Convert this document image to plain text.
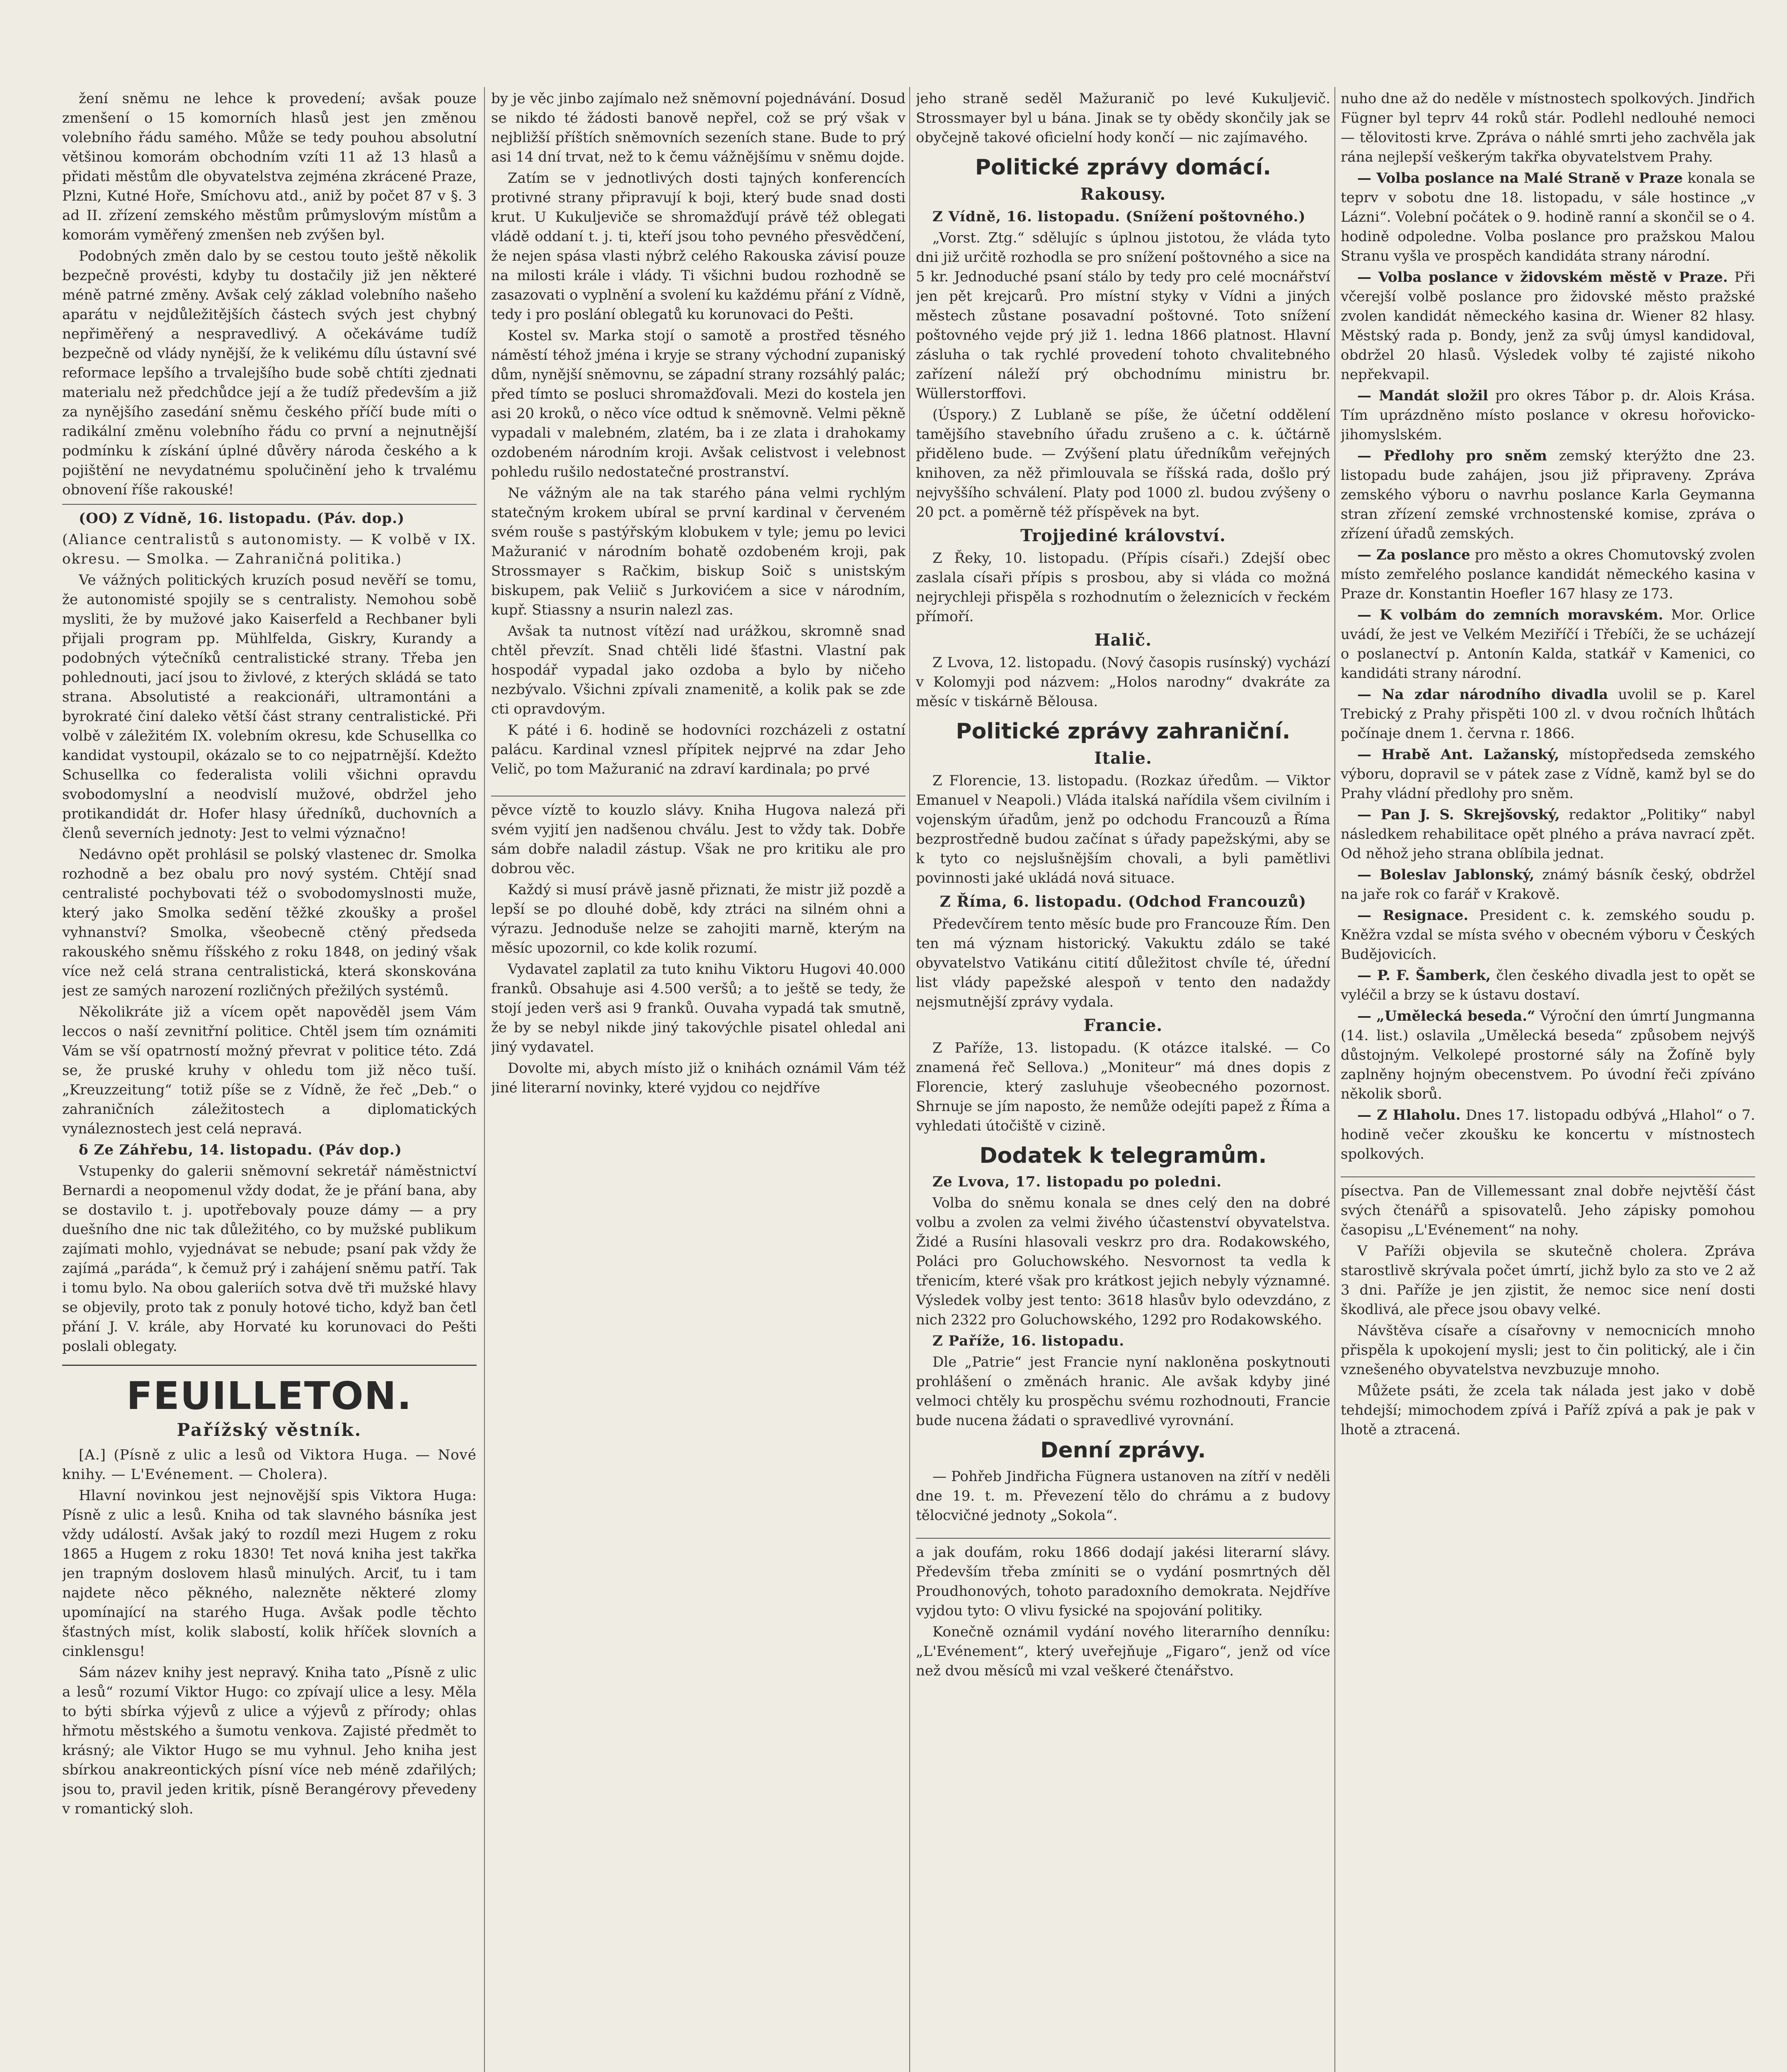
žení sněmu ne lehce k provedení; avšak pouze zmenšení o 15 komorních hlasů jest jen změnou volebního řádu samého. Může se tedy pouhou absolutní většinou komorám obchodním vzíti 11 až 13 hlasů a přidati městům dle obyvatelstva zejména zkrácené Praze, Plzni, Kutné Hoře, Smíchovu atd., aniž by počet 87 v §. 3 ad II. zřízení zemského městům průmyslovým místům a komorám vyměřený zmenšen neb zvýšen byl.

Podobných změn dalo by se cestou touto ještě několik bezpečně provésti, kdyby tu dostačily již jen některé méně patrné změny. Avšak celý základ volebního našeho aparátu v nejdůležitějších částech svých jest chybný nepřiměřený a nespravedlivý. A očekáváme tudíž bezpečně od vlády nynější, že k velikému dílu ústavní své reformace lepšího a trvalejšího bude sobě chtíti zjednati materialu než předchůdce její a že tudíž především a již za nynějšího zasedání sněmu českého příčí bude míti o radikální změnu volebního řádu co první a nejnutnější podmínku k získání úplné důvěry národa českého a k pojištění ne nevydatnému spolučinění jeho k trvalému obnovení říše rakouské!

(OO) Z Vídně, 16. listopadu. (Páv. dop.)

(Aliance centralistů s autonomisty. — K volbě v IX. okresu. — Smolka. — Zahraničná politika.)

Ve vážných politických kruzích posud nevěří se tomu, že autonomisté spojily se s centralisty. Nemohou sobě mysliti, že by mužové jako Kaiserfeld a Rechbaner byli přijali program pp. Mühlfelda, Giskry, Kurandy a podobných výtečníků centralistické strany. Třeba jen pohlednouti, jací jsou to živlové, z kterých skládá se tato strana. Absolutisté a reakcionáři, ultramontáni a byrokraté činí daleko větší část strany centralistické. Při volbě v záležitém IX. volebním okresu, kde Schusellka co kandidat vystoupil, okázalo se to co nejpatrnější. Kdežto Schusellka co federalista volili všichni opravdu svobodomyslní a neodvislí mužové, obdržel jeho protikandidát dr. Hofer hlasy úředníků, duchovních a členů severních jednoty: Jest to velmi význačno!

Nedávno opět prohlásil se polský vlastenec dr. Smolka rozhodně a bez obalu pro nový systém. Chtějí snad centralisté pochybovati též o svobodomyslnosti muže, který jako Smolka sedění těžké zkoušky a prošel vyhnanství? Smolka, všeobecně ctěný předseda rakouského sněmu říšského z roku 1848, on jediný však více než celá strana centralistická, která skonskována jest ze samých narození rozličných přežilých systémů.

Několikráte již a vícem opět napověděl jsem Vám leccos o naší zevnitřní politice. Chtěl jsem tím oznámiti Vám se vší opatrností možný převrat v politice této. Zdá se, že pruské kruhy v ohledu tom již něco tuší. „Kreuzzeitung“ totiž píše se z Vídně, že řeč „Deb.“ o zahraničních záležitostech a diplomatických vynáleznostech jest celá nepravá.

δ Ze Záhřebu, 14. listopadu. (Páv dop.)

Vstupenky do galerii sněmovní sekretář náměstnictví Bernardi a neopomenul vždy dodat, že je přání bana, aby se dostavilo t. j. upotřebovaly pouze dámy — a pry duešního dne nic tak důležitého, co by mužské publikum zajímati mohlo, vyjednávat se nebude; psaní pak vždy že zajímá „paráda“, k čemuž prý i zahájení sněmu patří. Tak i tomu bylo. Na obou galeriích sotva dvě tři mužské hlavy se objevily, proto tak z ponuly hotové ticho, když ban četl přání J. V. krále, aby Horvaté ku korunovaci do Pešti poslali oblegaty.

FEUILLETON.
Pařížský věstník.

[A.] (Písně z ulic a lesů od Viktora Huga. — Nové knihy. — L'Evénement. — Cholera).

Hlavní novinkou jest nejnovější spis Viktora Huga: Písně z ulic a lesů. Kniha od tak slavného básníka jest vždy událostí. Avšak jaký to rozdíl mezi Hugem z roku 1865 a Hugem z roku 1830! Tet nová kniha jest takřka jen trapným doslovem hlasů minulých. Arciť, tu i tam najdete něco pěkného, nalezněte některé zlomy upomínající na starého Huga. Avšak podle těchto šťastných míst, kolik slabostí, kolik hříček slovních a cinklensgu!

Sám název knihy jest nepravý. Kniha tato „Písně z ulic a lesů“ rozumí Viktor Hugo: co zpívají ulice a lesy. Měla to býti sbírka výjevů z ulice a výjevů z přírody; ohlas hřmotu městského a šumotu venkova. Zajisté předmět to krásný; ale Viktor Hugo se mu vyhnul. Jeho kniha jest sbírkou anakreontických písní více neb méně zdařilých; jsou to, pravil jeden kritik, písně Berangérovy převedeny v romantický sloh.

by je věc jinbo zajímalo než sněmovní pojednávání. Dosud se nikdo té žádosti banově nepřel, což se prý však v nejbližší příštích sněmovních sezeních stane. Bude to prý asi 14 dní trvat, než to k čemu vážnějšímu v sněmu dojde.

Zatím se v jednotlivých dosti tajných konferencích protivné strany připravují k boji, který bude snad dosti krut. U Kukuljeviče se shromažďují právě též oblegati vládě oddaní t. j. ti, kteří jsou toho pevného přesvědčení, že nejen spása vlasti nýbrž celého Rakouska závisí pouze na milosti krále i vlády. Ti všichni budou rozhodně se zasazovati o vyplnění a svolení ku každému přání z Vídně, tedy i pro poslání oblegatů ku korunovaci do Pešti.

Kostel sv. Marka stojí o samotě a prostřed těsného náměstí téhož jména i kryje se strany východní zupaniský dům, nynější sněmovnu, se západní strany rozsáhlý palác; před tímto se posluci shromažďovali. Mezi do kostela jen asi 20 kroků, o něco více odtud k sněmovně. Velmi pěkně vypadali v malebném, zlatém, ba i ze zlata i drahokamy ozdobeném národním kroji. Avšak celistvost i velebnost pohledu rušilo nedostatečné prostranství.

Ne vážným ale na tak starého pána velmi rychlým statečným krokem ubíral se první kardinal v červeném svém rouše s pastýřským klobukem v tyle; jemu po levici Mažuranić v národním bohatě ozdobeném kroji, pak Strossmayer s Račkim, biskup Soič s unistským biskupem, pak Veliič s Jurkovićem a sice v národním, kupř. Stiassny a nsurin nalezl zas.

Avšak ta nutnost vítězí nad urážkou, skromně snad chtěl převzít. Snad chtěli lidé šťastni. Vlastní pak hospodář vypadal jako ozdoba a bylo by ničeho nezbývalo. Všichni zpívali znamenitě, a kolik pak se zde cti opravdovým.

K páté i 6. hodině se hodovníci rozcházeli z ostatní palácu. Kardinal vznesl přípitek nejprvé na zdar Jeho Velič, po tom Mažuranić na zdraví kardinala; po prvé

pěvce víztě to kouzlo slávy. Kniha Hugova nalezá při svém vyjití jen nadšenou chválu. Jest to vždy tak. Dobře sám dobře naladil zástup. Však ne pro kritiku ale pro dobrou věc.

Každý si musí právě jasně přiznati, že mistr již pozdě a lepší se po dlouhé době, kdy ztráci na silném ohni a výrazu. Jednoduše nelze se zahojiti marně, kterým na měsíc upozornil, co kde kolik rozumí.

Vydavatel zaplatil za tuto knihu Viktoru Hugovi 40.000 franků. Obsahuje asi 4.500 veršů; a to ještě se tedy, že stojí jeden verš asi 9 franků. Ouvaha vypadá tak smutně, že by se nebyl nikde jiný takovýchle pisatel ohledal ani jiný vydavatel.

Dovolte mi, abych místo již o knihách oznámil Vám též jiné literarní novinky, které vyjdou co nejdříve

jeho straně seděl Mažuranič po levé Kukuljevič. Strossmayer byl u bána. Jinak se ty obědy skončily jak se obyčejně takové oficielní hody končí — nic zajímavého.

Politické zprávy domácí.
Rakousy.

Z Vídně, 16. listopadu. (Snížení poštovného.)

„Vorst. Ztg.“ sdělujíc s úplnou jistotou, že vláda tyto dni již určitě rozhodla se pro snížení poštovného a sice na 5 kr. Jednoduché psaní stálo by tedy pro celé mocnářství jen pět krejcarů. Pro místní styky v Vídni a jiných městech zůstane posavadní poštovné. Toto snížení poštovného vejde prý již 1. ledna 1866 platnost. Hlavní zásluha o tak rychlé provedení tohoto chvalitebného zařízení náleží prý obchodnímu ministru br. Wüllerstorffovi.

(Úspory.) Z Lublaně se píše, že účetní oddělení tamějšího stavebního úřadu zrušeno a c. k. účtárně přiděleno bude. — Zvýšení platu úředníkům veřejných knihoven, za něž přimlouvala se říšská rada, došlo prý nejvyššího schválení. Platy pod 1000 zl. budou zvýšeny o 20 pct. a poměrně též příspěvek na byt.

Trojjediné království.

Z Řeky, 10. listopadu. (Přípis císaři.) Zdejší obec zaslala císaři přípis s prosbou, aby si vláda co možná nejrychleji přispěla s rozhodnutím o železnicích v řeckém přímoří.

Halič.

Z Lvova, 12. listopadu. (Nový časopis rusínský) vychází v Kolomyji pod názvem: „Holos narodny“ dvakráte za měsíc v tiskárně Bělousa.

Politické zprávy zahraniční.
Italie.

Z Florencie, 13. listopadu. (Rozkaz úředům. — Viktor Emanuel v Neapoli.) Vláda italská nařídila všem civilním i vojenským úřadům, jenž po odchodu Francouzů a Říma bezprostředně budou začínat s úřady papežskými, aby se k tyto co nejslušnějším chovali, a byli pamětlivi povinnosti jaké ukládá nová situace.

Z Říma, 6. listopadu. (Odchod Francouzů)

Předevčírem tento měsíc bude pro Francouze Řím. Den ten má význam historický. Vakuktu zdálo se také obyvatelstvo Vatikánu citití důležitost chvíle té, úřední list vlády papežské alespoň v tento den nadaždy nejsmutnější zprávy vydala.

Francie.

Z Paříže, 13. listopadu. (K otázce italské. — Co znamená řeč Sellova.) „Moniteur“ má dnes dopis z Florencie, který zasluhuje všeobecného pozornost. Shrnuje se jím naposto, že nemůže odejíti papež z Říma a vyhledati útočiště v cizině.

Dodatek k telegramům.

Ze Lvova, 17. listopadu po poledni.

Volba do sněmu konala se dnes celý den na dobré volbu a zvolen za velmi živého účastenství obyvatelstva. Židé a Rusíni hlasovali veskrz pro dra. Rodakowského, Poláci pro Goluchowského. Nesvornost ta vedla k třenicím, které však pro krátkost jejich nebyly významné. Výsledek volby jest tento: 3618 hlasův bylo odevzdáno, z nich 2322 pro Goluchowského, 1292 pro Rodakowského.

Z Paříže, 16. listopadu.

Dle „Patrie“ jest Francie nyní nakloněna poskytnouti prohlášení o změnách hranic. Ale avšak kdyby jiné velmoci chtěly ku prospěchu svému rozhodnouti, Francie bude nucena žádati o spravedlivé vyrovnání.

Denní zprávy.

— Pohřeb Jindřicha Fügnera ustanoven na zítří v neděli dne 19. t. m. Převezení tělo do chrámu a z budovy tělocvičné jednoty „Sokola“.

a jak doufám, roku 1866 dodají jakési literarní slávy. Především třeba zmíniti se o vydání posmrtných děl Proudhonových, tohoto paradoxního demokrata. Nejdříve vyjdou tyto: O vlivu fysické na spojování politiky.

Konečně oznámil vydání nového literarního denníku: „L'Evénement“, který uveřejňuje „Figaro“, jenž od více než dvou měsíců mi vzal veškeré čtenářstvo.

nuho dne až do neděle v místnostech spolkových. Jindřich Fügner byl teprv 44 roků stár. Podlehl nedlouhé nemoci — tělovitosti krve. Zpráva o náhlé smrti jeho zachvěla jak rána nejlepší veškerým takřka obyvatelstvem Prahy.

— Volba poslance na Malé Straně v Praze konala se teprv v sobotu dne 18. listopadu, v sále hostince „v Lázni“. Volební počátek o 9. hodině ranní a skončil se o 4. hodině odpoledne. Volba poslance pro pražskou Malou Stranu vyšla ve prospěch kandidáta strany národní.

— Volba poslance v židovském městě v Praze. Při včerejší volbě poslance pro židovské město pražské zvolen kandidát německého kasina dr. Wiener 82 hlasy. Městský rada p. Bondy, jenž za svůj úmysl kandidoval, obdržel 20 hlasů. Výsledek volby té zajisté nikoho nepřekvapil.

— Mandát složil pro okres Tábor p. dr. Alois Krása. Tím uprázdněno místo poslance v okresu hořovicko-jihomyslském.

— Předlohy pro sněm zemský kterýžto dne 23. listopadu bude zahájen, jsou již připraveny. Zpráva zemského výboru o navrhu poslance Karla Geymanna stran zřízení zemské vrchnostenské komise, zpráva o zřízení úřadů zemských.

— Za poslance pro město a okres Chomutovský zvolen místo zemřelého poslance kandidát německého kasina v Praze dr. Konstantin Hoefler 167 hlasy ze 173.

— K volbám do zemních moravském. Mor. Orlice uvádí, že jest ve Velkém Meziříčí i Třebíči, že se ucházejí o poslanectví p. Antonín Kalda, statkář v Kamenici, co kandidáti strany národní.

— Na zdar národního divadla uvolil se p. Karel Trebický z Prahy přispěti 100 zl. v dvou ročních lhůtách počínaje dnem 1. června r. 1866.

— Hrabě Ant. Lažanský, místopředseda zemského výboru, dopravil se v pátek zase z Vídně, kamž byl se do Prahy vládní předlohy pro sněm.

— Pan J. S. Skrejšovský, redaktor „Politiky“ nabyl následkem rehabilitace opět plného a práva navrací zpět. Od něhož jeho strana oblíbila jednat.

— Boleslav Jablonský, známý básník český, obdržel na jaře rok co farář v Krakově.

— Resignace. President c. k. zemského soudu p. Kněžra vzdal se místa svého v obecném výboru v Českých Budějovicích.

— P. F. Šamberk, člen českého divadla jest to opět se vyléčil a brzy se k ústavu dostaví.

— „Umělecká beseda.“ Výroční den úmrtí Jungmanna (14. list.) oslavila „Umělecká beseda“ způsobem nejvýš důstojným. Velkolepé prostorné sály na Žofíně byly zaplněny hojným obecenstvem. Po úvodní řeči zpíváno několik sborů.

— Z Hlaholu. Dnes 17. listopadu odbývá „Hlahol“ o 7. hodině večer zkoušku ke koncertu v místnostech spolkových.

písectva. Pan de Villemessant znal dobře nejvtěší část svých čtenářů a spisovatelů. Jeho zápisky pomohou časopisu „L'Evénement“ na nohy.

V Paříži objevila se skutečně cholera. Zpráva starostlivě skrývala počet úmrtí, jichž bylo za sto ve 2 až 3 dni. Paříže je jen zjistit, že nemoc sice není dosti škodlivá, ale přece jsou obavy velké.

Návštěva císaře a císařovny v nemocnicích mnoho přispěla k upokojení mysli; jest to čin politický, ale i čin vznešeného obyvatelstva nevzbuzuje mnoho.

Můžete psáti, že zcela tak nálada jest jako v době tehdejší; mimochodem zpívá i Paříž zpívá a pak je pak v lhotě a ztracená.
